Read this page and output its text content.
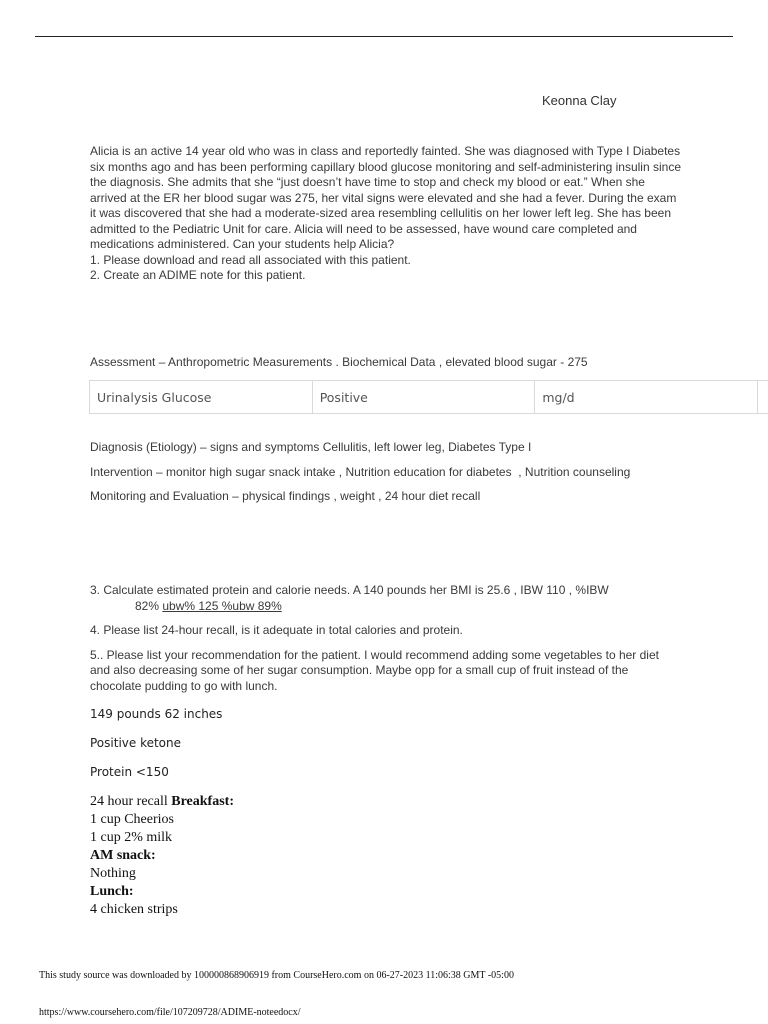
Keonna Clay

Alicia is an active 14 year old who was in class and reportedly fainted. She was diagnosed with Type I Diabetes six months ago and has been performing capillary blood glucose monitoring and self-administering insulin since the diagnosis. She admits that she “just doesn’t have time to stop and check my blood or eat.” When she arrived at the ER her blood sugar was 275, her vital signs were elevated and she had a fever. During the exam it was discovered that she had a moderate-sized area resembling cellulitis on her lower left leg. She has been admitted to the Pediatric Unit for care. Alicia will need to be assessed, have wound care completed and medications administered. Can your students help Alicia?

1. Please download and read all associated with this patient.

2. Create an ADIME note for this patient.

Assessment – Anthropometric Measurements . Biochemical Data , elevated blood sugar - 275
Urinalysis Glucose	Positive	mg/d	

Diagnosis (Etiology) – signs and symptoms Cellulitis, left lower leg, Diabetes Type I

Intervention – monitor high sugar snack intake , Nutrition education for diabetes  , Nutrition counseling

Monitoring and Evaluation – physical findings , weight , 24 hour diet recall

3. Calculate estimated protein and calorie needs. A 140 pounds her BMI is 25.6 , IBW 110 , %IBW
82% ubw% 125 %ubw 89%

4. Please list 24-hour recall, is it adequate in total calories and protein.

5.. Please list your recommendation for the patient. I would recommend adding some vegetables to her diet and also decreasing some of her sugar consumption. Maybe opp for a small cup of fruit instead of the chocolate pudding to go with lunch.

149 pounds 62 inches

Positive ketone

Protein <150

24 hour recall Breakfast:
1 cup Cheerios
1 cup 2% milk
AM snack:
Nothing
Lunch:
4 chicken strips
This study source was downloaded by 100000868906919 from CourseHero.com on 06-27-2023 11:06:38 GMT -05:00
https://www.coursehero.com/file/107209728/ADIME-noteedocx/
